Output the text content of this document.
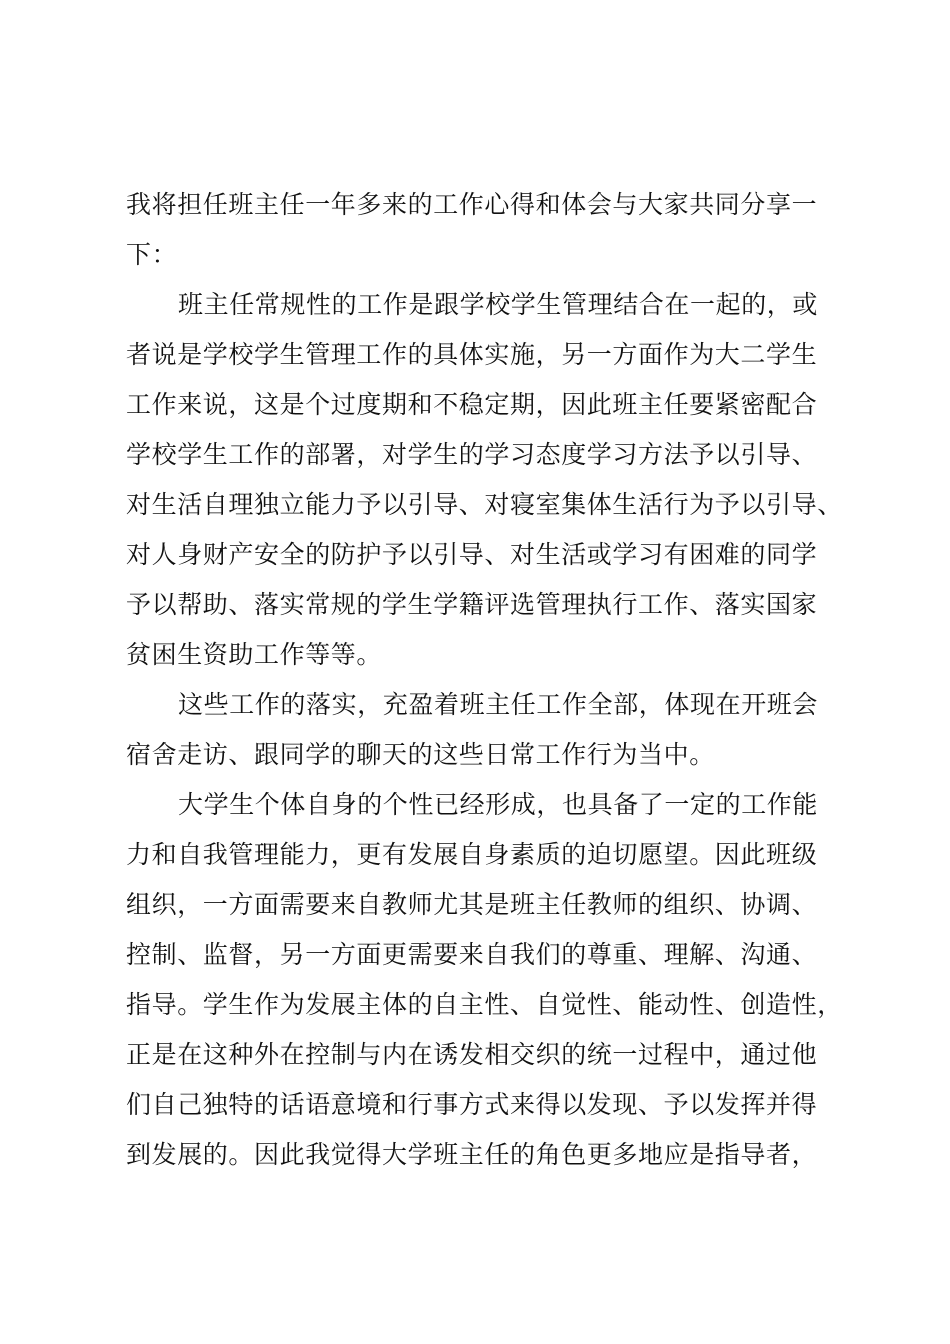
我将担任班主任一年多来的工作心得和体会与大家共同分享一
下：
班主任常规性的工作是跟学校学生管理结合在一起的，或
者说是学校学生管理工作的具体实施，另一方面作为大二学生
工作来说，这是个过度期和不稳定期，因此班主任要紧密配合
学校学生工作的部署，对学生的学习态度学习方法予以引导、
对生活自理独立能力予以引导、对寝室集体生活行为予以引导、
对人身财产安全的防护予以引导、对生活或学习有困难的同学
予以帮助、落实常规的学生学籍评选管理执行工作、落实国家
贫困生资助工作等等。
这些工作的落实，充盈着班主任工作全部，体现在开班会
宿舍走访、跟同学的聊天的这些日常工作行为当中。
大学生个体自身的个性已经形成，也具备了一定的工作能
力和自我管理能力，更有发展自身素质的迫切愿望。因此班级
组织，一方面需要来自教师尤其是班主任教师的组织、协调、
控制、监督，另一方面更需要来自我们的尊重、理解、沟通、
指导。学生作为发展主体的自主性、自觉性、能动性、创造性，
正是在这种外在控制与内在诱发相交织的统一过程中，通过他
们自己独特的话语意境和行事方式来得以发现、予以发挥并得
到发展的。因此我觉得大学班主任的角色更多地应是指导者，
